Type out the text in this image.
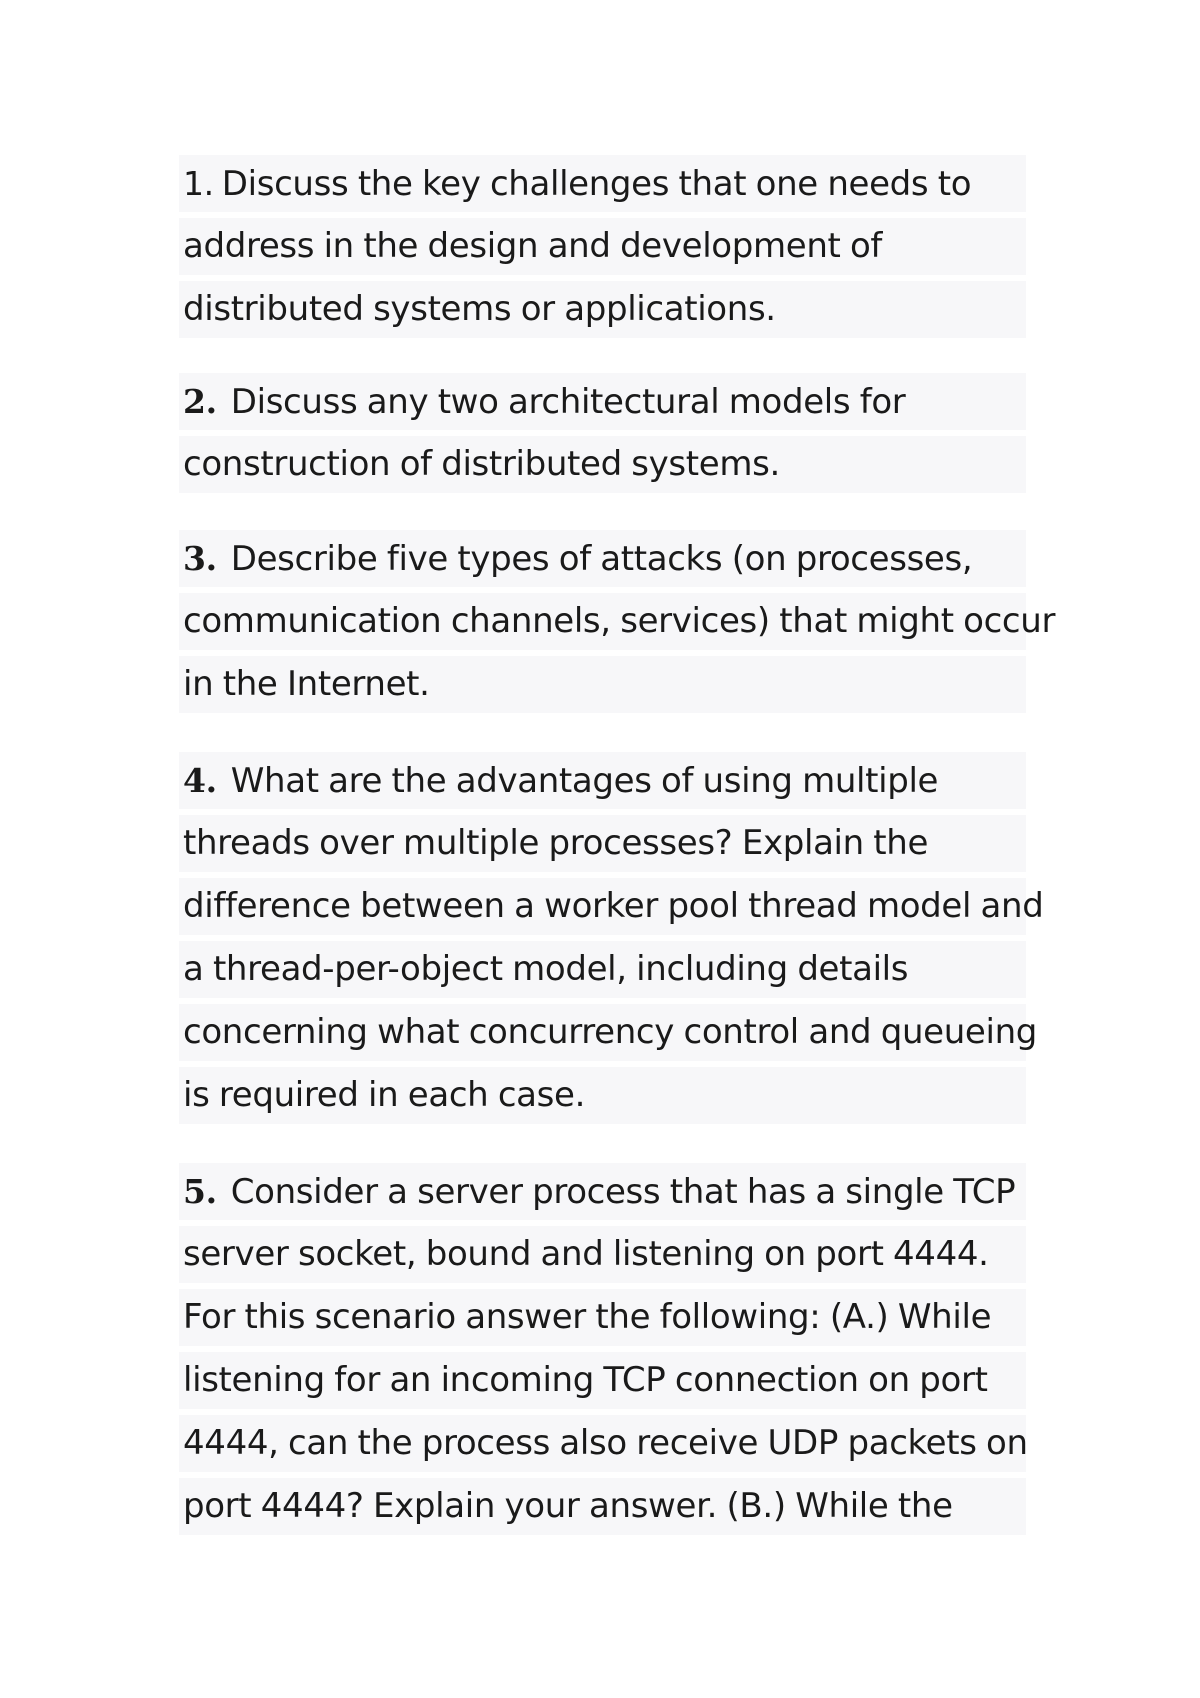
1. Discuss the key challenges that one needs to
address in the design and development of
distributed systems or applications.
2. Discuss any two architectural models for
construction of distributed systems.
3. Describe five types of attacks (on processes,
communication channels, services) that might occur
in the Internet.
4. What are the advantages of using multiple
threads over multiple processes? Explain the
difference between a worker pool thread model and
a thread-per-object model, including details
concerning what concurrency control and queueing
is required in each case.
5. Consider a server process that has a single TCP
server socket, bound and listening on port 4444.
For this scenario answer the following: (A.) While
listening for an incoming TCP connection on port
4444, can the process also receive UDP packets on
port 4444? Explain your answer. (B.) While the
